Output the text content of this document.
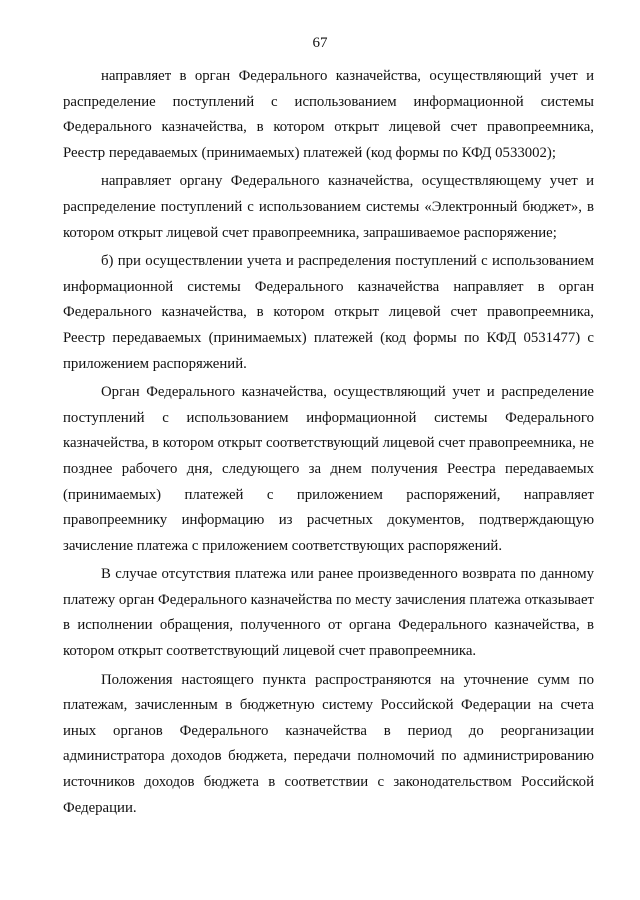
67

направляет в орган Федерального казначейства, осуществляющий учет и распределение поступлений с использованием информационной системы Федерального казначейства, в котором открыт лицевой счет правопреемника, Реестр передаваемых (принимаемых) платежей (код формы по КФД 0533002);

направляет органу Федерального казначейства, осуществляющему учет и распределение поступлений с использованием системы «Электронный бюджет», в котором открыт лицевой счет правопреемника, запрашиваемое распоряжение;

б) при осуществлении учета и распределения поступлений с использованием информационной системы Федерального казначейства направляет в орган Федерального казначейства, в котором открыт лицевой счет правопреемника, Реестр передаваемых (принимаемых) платежей (код формы по КФД 0531477) с приложением распоряжений.

Орган Федерального казначейства, осуществляющий учет и распределение поступлений с использованием информационной системы Федерального казначейства, в котором открыт соответствующий лицевой счет правопреемника, не позднее рабочего дня, следующего за днем получения Реестра передаваемых (принимаемых) платежей с приложением распоряжений, направляет правопреемнику информацию из расчетных документов, подтверждающую зачисление платежа с приложением соответствующих распоряжений.

В случае отсутствия платежа или ранее произведенного возврата по данному платежу орган Федерального казначейства по месту зачисления платежа отказывает в исполнении обращения, полученного от органа Федерального казначейства, в котором открыт соответствующий лицевой счет правопреемника.

Положения настоящего пункта распространяются на уточнение сумм по платежам, зачисленным в бюджетную систему Российской Федерации на счета иных органов Федерального казначейства в период до реорганизации администратора доходов бюджета, передачи полномочий по администрированию источников доходов бюджета в соответствии с законодательством Российской Федерации.
